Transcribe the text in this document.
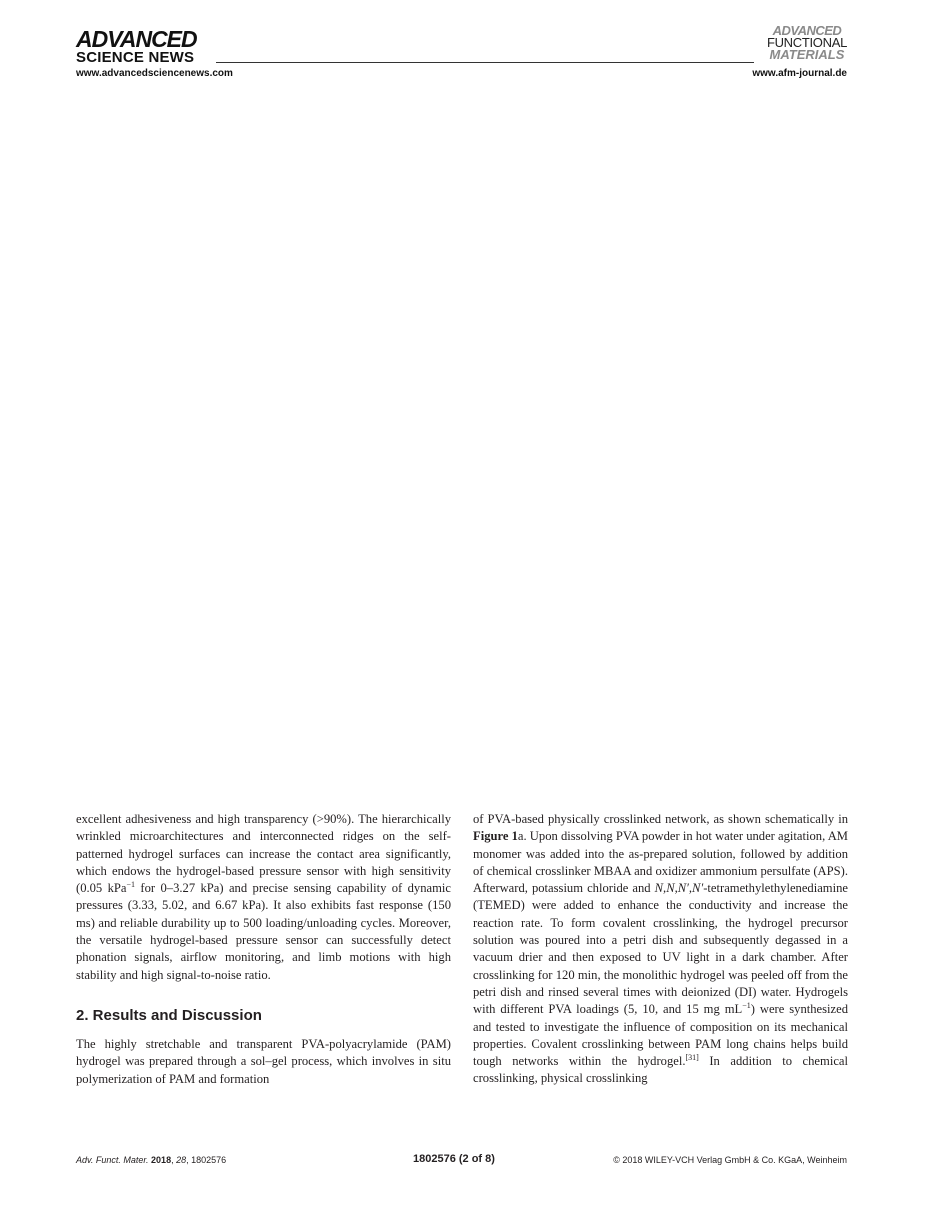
ADVANCED
SCIENCE NEWS
www.advancedsciencenews.com
ADVANCED
FUNCTIONAL
MATERIALS
www.afm-journal.de

excellent adhesiveness and high transparency (>90%). The hierarchically wrinkled microarchitectures and interconnected ridges on the self-patterned hydrogel surfaces can increase the contact area significantly, which endows the hydrogel-based pressure sensor with high sensitivity (0.05 kPa$^{-1}$ for 0–3.27 kPa) and precise sensing capability of dynamic pressures (3.33, 5.02, and 6.67 kPa). It also exhibits fast response (150 ms) and reliable durability up to 500 loading/unloading cycles. Moreover, the versatile hydrogel-based pressure sensor can successfully detect phonation signals, airflow monitoring, and limb motions with high stability and high signal-to-noise ratio.

2. Results and Discussion

The highly stretchable and transparent PVA-polyacrylamide (PAM) hydrogel was prepared through a sol–gel process, which involves in situ polymerization of PAM and formation

of PVA-based physically crosslinked network, as shown schematically in Figure 1a. Upon dissolving PVA powder in hot water under agitation, AM monomer was added into the as-prepared solution, followed by addition of chemical crosslinker MBAA and oxidizer ammonium persulfate (APS). Afterward, potassium chloride and N,N,N′,N′-tetramethylethylenediamine (TEMED) were added to enhance the conductivity and increase the reaction rate. To form covalent crosslinking, the hydrogel precursor solution was poured into a petri dish and subsequently degassed in a vacuum drier and then exposed to UV light in a dark chamber. After crosslinking for 120 min, the monolithic hydrogel was peeled off from the petri dish and rinsed several times with deionized (DI) water. Hydrogels with different PVA loadings (5, 10, and 15 mg $mL^{-1}$) were synthesized and tested to investigate the influence of composition on its mechanical properties. Covalent crosslinking between PAM long chains helps build tough networks within the hydrogel.[31] In addition to chemical crosslinking, physical crosslinking

Adv. Funct. Mater. 2018, 28, 1802576	1802576 (2 of 8)	© 2018 WILEY-VCH Verlag GmbH & Co. KGaA, Weinheim
